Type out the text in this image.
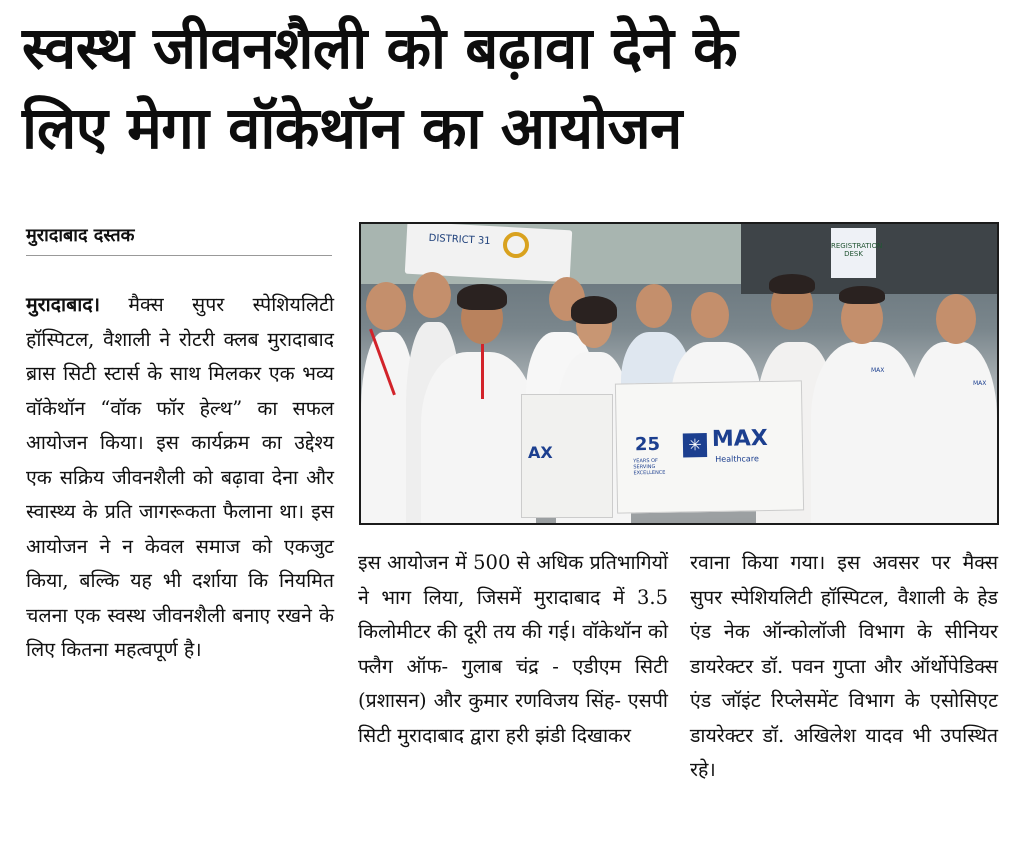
स्वस्थ जीवनशैली को बढ़ावा देने के
लिए मेगा वॉकेथॉन का आयोजन
मुरादाबाद दस्तक

मुरादाबाद। मैक्स सुपर स्पेशियलिटी हॉस्पिटल, वैशाली ने रोटरी क्लब मुरादाबाद ब्रास सिटी स्टार्स के साथ मिलकर एक भव्य वॉकेथॉन “वॉक फॉर हेल्थ” का सफल आयोजन किया। इस कार्यक्रम का उद्देश्य एक सक्रिय जीवनशैली को बढ़ावा देना और स्वास्थ्य के प्रति जागरूकता फैलाना था। इस आयोजन ने न केवल समाज को एकजुट किया, बल्कि यह भी दर्शाया कि नियमित चलना एक स्वस्थ जीवनशैली बनाए रखने के लिए कितना महत्वपूर्ण है।

DISTRICT 31	REGISTRATION DESK
MAX
MAX
AX	25
YEARS OF SERVING EXCELLENCE
✳ MAX
Healthcare

इस आयोजन में 500 से अधिक प्रतिभागियों ने भाग लिया, जिसमें मुरादाबाद में 3.5 किलोमीटर की दूरी तय की गई। वॉकेथॉन को फ्लैग ऑफ- गुलाब चंद्र - एडीएम सिटी (प्रशासन) और कुमार रणविजय सिंह- एसपी सिटी मुरादाबाद द्वारा हरी झंडी दिखाकर

रवाना किया गया। इस अवसर पर मैक्स सुपर स्पेशियलिटी हॉस्पिटल, वैशाली के हेड एंड नेक ऑन्कोलॉजी विभाग के सीनियर डायरेक्टर डॉ. पवन गुप्ता और ऑर्थोपेडिक्स एंड जॉइंट रिप्लेसमेंट विभाग के एसोसिएट डायरेक्टर डॉ. अखिलेश यादव भी उपस्थित रहे।
